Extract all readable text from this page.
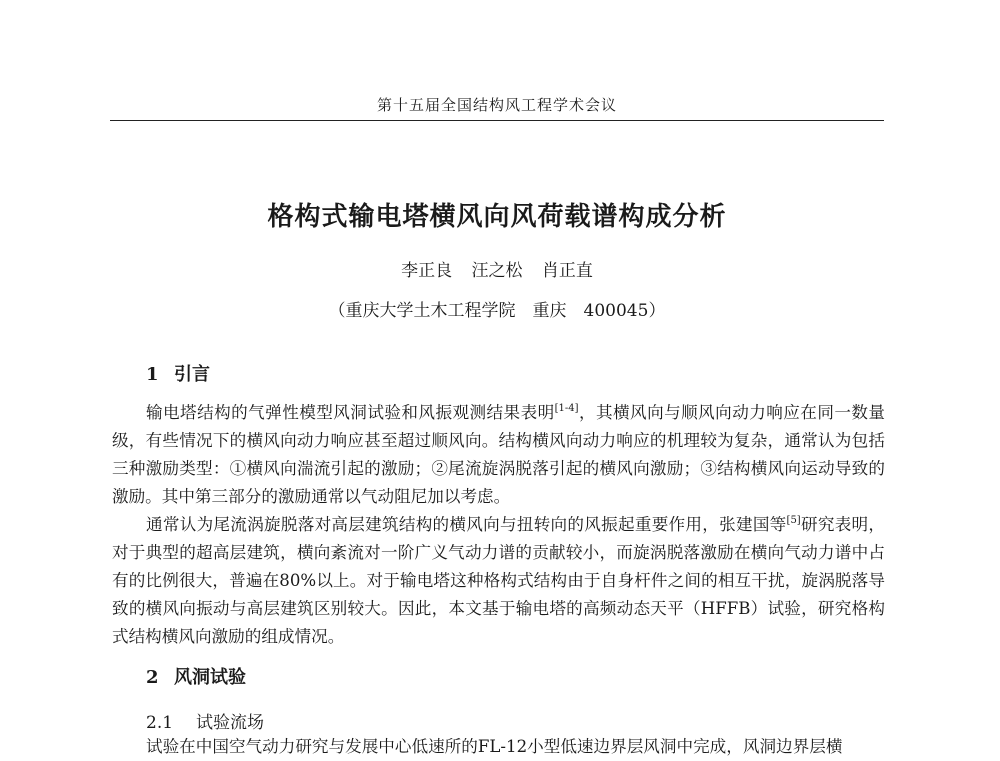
第十五届全国结构风工程学术会议
格构式输电塔横风向风荷载谱构成分析
李正良 汪之松 肖正直
（重庆大学土木工程学院　重庆　400045）
1 引言
输电塔结构的气弹性模型风洞试验和风振观测结果表明[1-4]，其横风向与顺风向动力响应在同一数量级，有些情况下的横风向动力响应甚至超过顺风向。结构横风向动力响应的机理较为复杂，通常认为包括三种激励类型：①横风向湍流引起的激励；②尾流旋涡脱落引起的横风向激励；③结构横风向运动导致的激励。其中第三部分的激励通常以气动阻尼加以考虑。
通常认为尾流涡旋脱落对高层建筑结构的横风向与扭转向的风振起重要作用，张建国等[5]研究表明，对于典型的超高层建筑，横向紊流对一阶广义气动力谱的贡献较小，而旋涡脱落激励在横向气动力谱中占有的比例很大，普遍在80%以上。对于输电塔这种格构式结构由于自身杆件之间的相互干扰，旋涡脱落导致的横风向振动与高层建筑区别较大。因此，本文基于输电塔的高频动态天平（HFFB）试验，研究格构式结构横风向激励的组成情况。
2 风洞试验
2.1 试验流场
试验在中国空气动力研究与发展中心低速所的FL-12小型低速边界层风洞中完成，风洞边界层横
